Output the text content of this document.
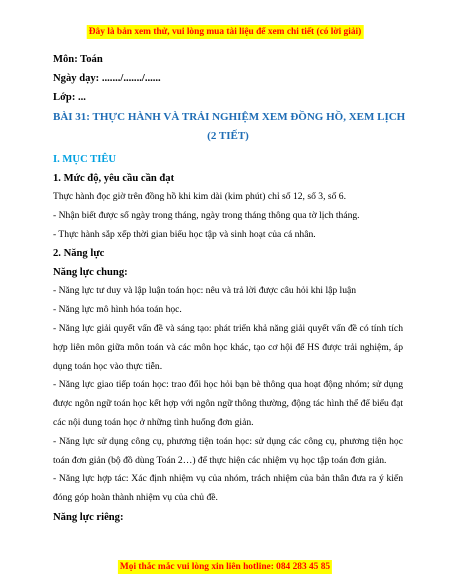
Đây là bản xem thử, vui lòng mua tài liệu để xem chi tiết (có lời giải)
Môn: Toán
Ngày dạy: ......./......./......
Lớp: ...
BÀI 31: THỰC HÀNH VÀ TRẢI NGHIỆM XEM ĐỒNG HỒ, XEM LỊCH
(2 TIẾT)
I. MỤC TIÊU
1. Mức độ, yêu cầu cần đạt
Thực hành đọc giờ trên đồng hồ khi kim dài (kim phút) chỉ số 12, số 3, số 6.
- Nhận biết được số ngày trong tháng, ngày trong tháng thông qua tờ lịch tháng.
- Thực hành sắp xếp thời gian biểu học tập và sinh hoạt của cá nhân.
2. Năng lực
Năng lực chung:
- Năng lực tư duy và lập luận toán học: nêu và trả lời được câu hỏi khi lập luận
- Năng lực mô hình hóa toán học.
- Năng lực giải quyết vấn đề và sáng tạo: phát triển khả năng giải quyết vấn đề có tính tích hợp liên môn giữa môn toán và các môn học khác, tạo cơ hội để HS được trải nghiệm, áp dụng toán học vào thực tiễn.
- Năng lực giao tiếp toán học: trao đổi học hỏi bạn bè thông qua hoạt động nhóm; sử dụng được ngôn ngữ toán học kết hợp với ngôn ngữ thông thường, động tác hình thể để biểu đạt các nội dung toán học ở những tình huống đơn giản.
- Năng lực sử dụng công cụ, phương tiện toán học: sử dụng các công cụ, phương tiện học toán đơn giản (bộ đồ dùng Toán 2…) để thực hiện các nhiệm vụ học tập toán đơn giản.
- Năng lực hợp tác: Xác định nhiệm vụ của nhóm, trách nhiệm của bản thân đưa ra ý kiến đóng góp hoàn thành nhiệm vụ của chủ đề.
Năng lực riêng:
Mọi thắc mắc vui lòng xin liên hotline: 084 283 45 85
